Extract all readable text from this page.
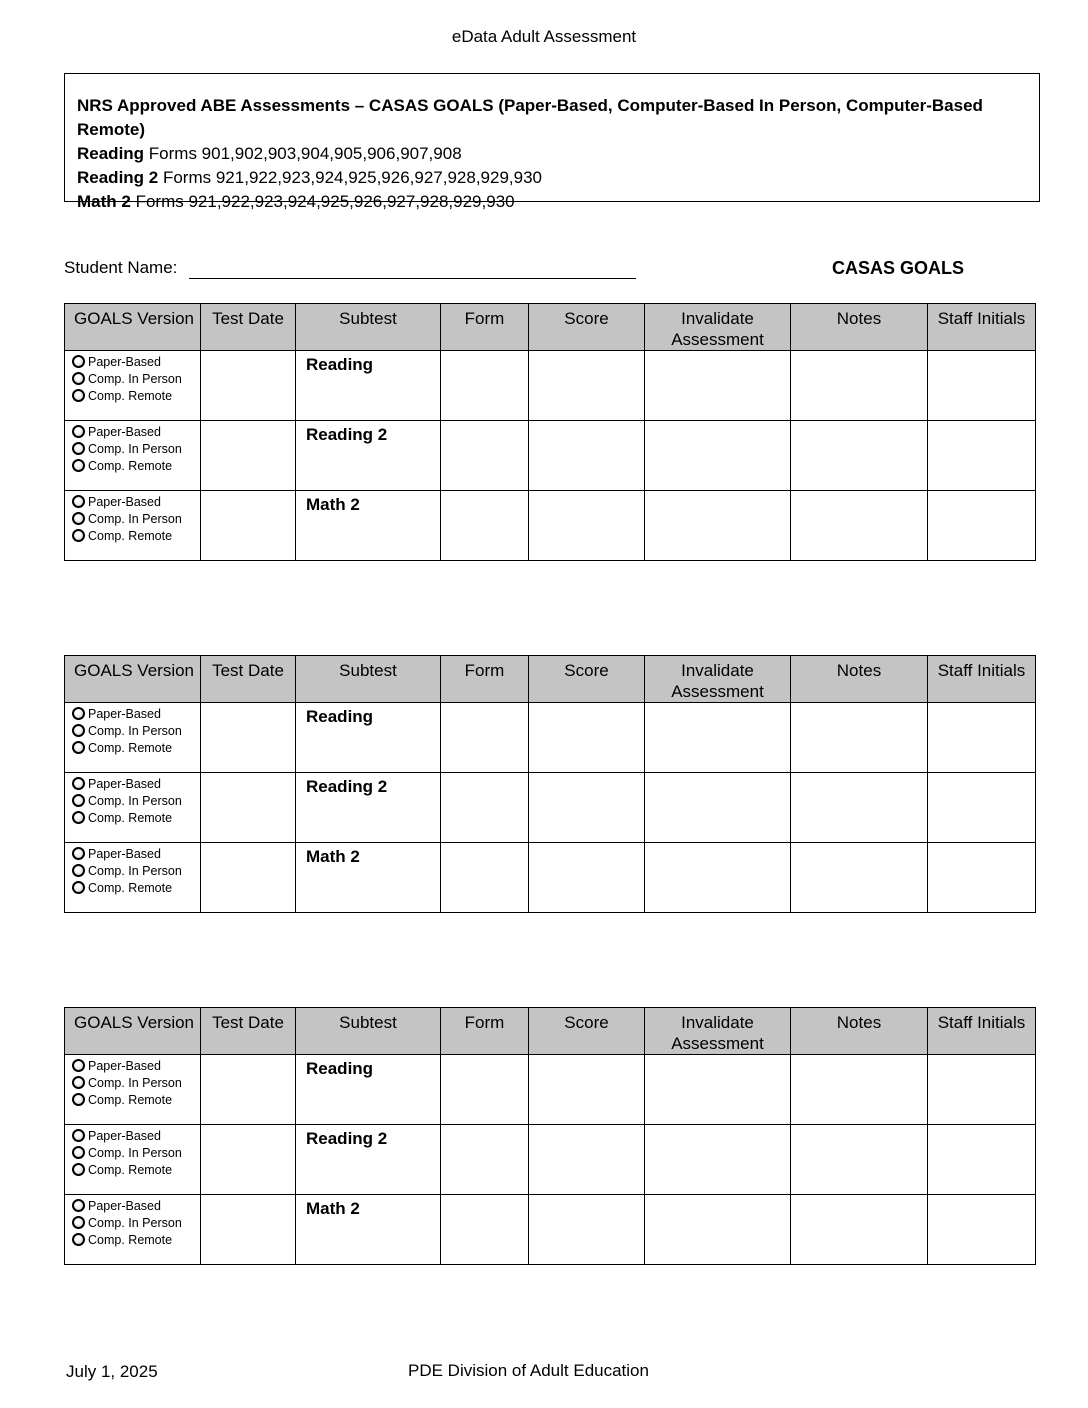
eData Adult Assessment
NRS Approved ABE Assessments – CASAS GOALS (Paper-Based, Computer-Based In Person, Computer-Based Remote)
Reading Forms 901,902,903,904,905,906,907,908
Reading 2 Forms 921,922,923,924,925,926,927,928,929,930
Math 2 Forms 921,922,923,924,925,926,927,928,929,930
Student Name:	CASAS GOALS
GOALS Version	Test Date	Subtest	Form	Score	Invalidate Assessment	Notes	Staff Initials

Paper-Based
Comp. In Person
Comp. Remote		Reading					

Paper-Based
Comp. In Person
Comp. Remote		Reading 2					

Paper-Based
Comp. In Person
Comp. Remote		Math 2					

GOALS Version	Test Date	Subtest	Form	Score	Invalidate Assessment	Notes	Staff Initials

Paper-Based
Comp. In Person
Comp. Remote		Reading					

Paper-Based
Comp. In Person
Comp. Remote		Reading 2					

Paper-Based
Comp. In Person
Comp. Remote		Math 2					

GOALS Version	Test Date	Subtest	Form	Score	Invalidate Assessment	Notes	Staff Initials

Paper-Based
Comp. In Person
Comp. Remote		Reading					

Paper-Based
Comp. In Person
Comp. Remote		Reading 2					

Paper-Based
Comp. In Person
Comp. Remote		Math 2					

July 1, 2025	PDE Division of Adult Education
